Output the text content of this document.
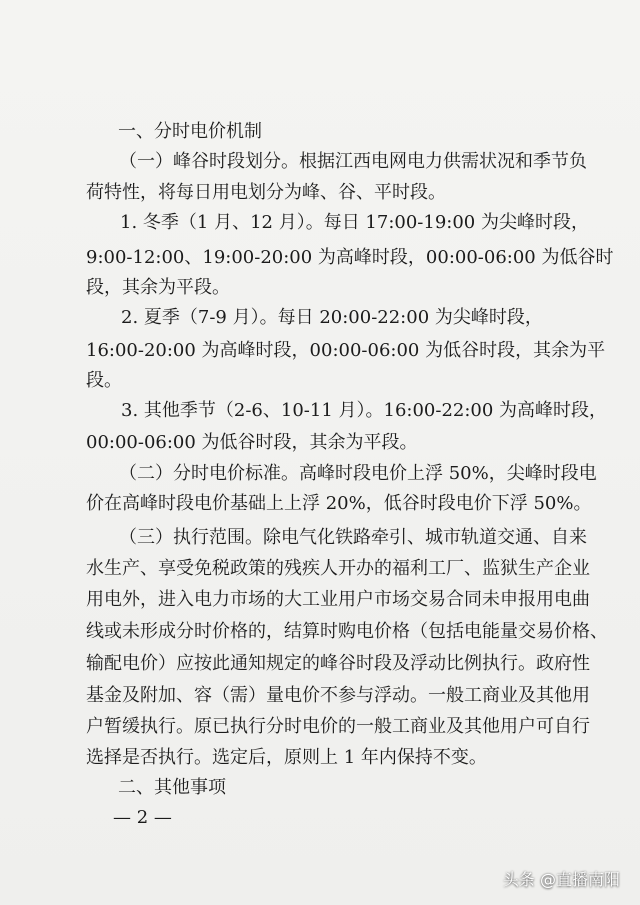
一、分时电价机制
（一）峰谷时段划分。根据江西电网电力供需状况和季节负
荷特性，将每日用电划分为峰、谷、平时段。
1. 冬季（1 月、12 月）。每日 17:00-19:00 为尖峰时段，
9:00-12:00、19:00-20:00 为高峰时段，00:00-06:00 为低谷时
段，其余为平段。
2. 夏季（7-9 月）。每日 20:00-22:00 为尖峰时段，
16:00-20:00 为高峰时段，00:00-06:00 为低谷时段，其余为平
段。
3. 其他季节（2-6、10-11 月）。16:00-22:00 为高峰时段，
00:00-06:00 为低谷时段，其余为平段。
（二）分时电价标准。高峰时段电价上浮 50%，尖峰时段电
价在高峰时段电价基础上上浮 20%，低谷时段电价下浮 50%。
（三）执行范围。除电气化铁路牵引、城市轨道交通、自来
水生产、享受免税政策的残疾人开办的福利工厂、监狱生产企业
用电外，进入电力市场的大工业用户市场交易合同未申报用电曲
线或未形成分时价格的，结算时购电价格（包括电能量交易价格、
输配电价）应按此通知规定的峰谷时段及浮动比例执行。政府性
基金及附加、容（需）量电价不参与浮动。一般工商业及其他用
户暂缓执行。原已执行分时电价的一般工商业及其他用户可自行
选择是否执行。选定后，原则上 1 年内保持不变。
二、其他事项
— 2 —
头条 @直播南阳
